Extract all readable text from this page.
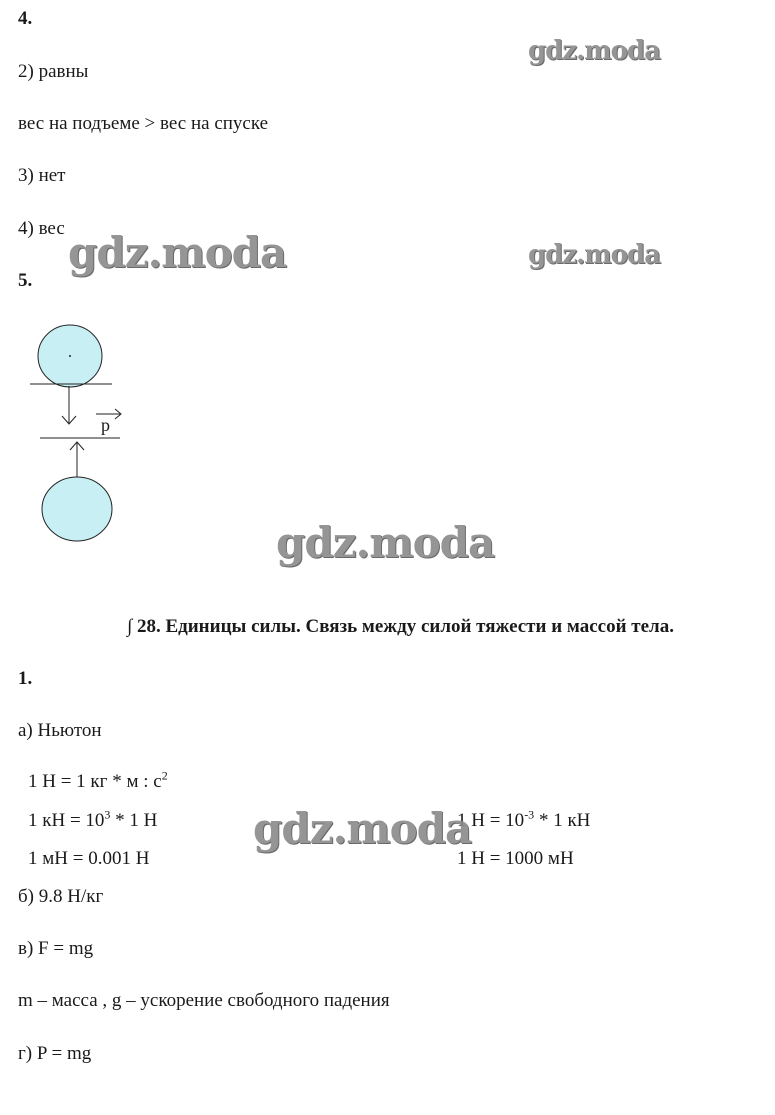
4.
2) равны
вес на подъеме > вес на спуске
3) нет
4) вес
5.
p
∫ 28. Единицы силы. Связь между силой тяжести и массой тела.
1.
а) Ньютон
1 Н = 1 кг * м : $с^2$
1 кН = $10^3 * 1$ Н	1 $Н = 10^{-3} * 1$ кН
1 мН = 0.001 Н	1 Н = 1000 мН
б) 9.8 Н/кг
в) F = mg
m – масса , g – ускорение свободного падения
г) P = mg
gdz.moda
gdz.moda	gdz.moda
gdz.moda
gdz.moda
